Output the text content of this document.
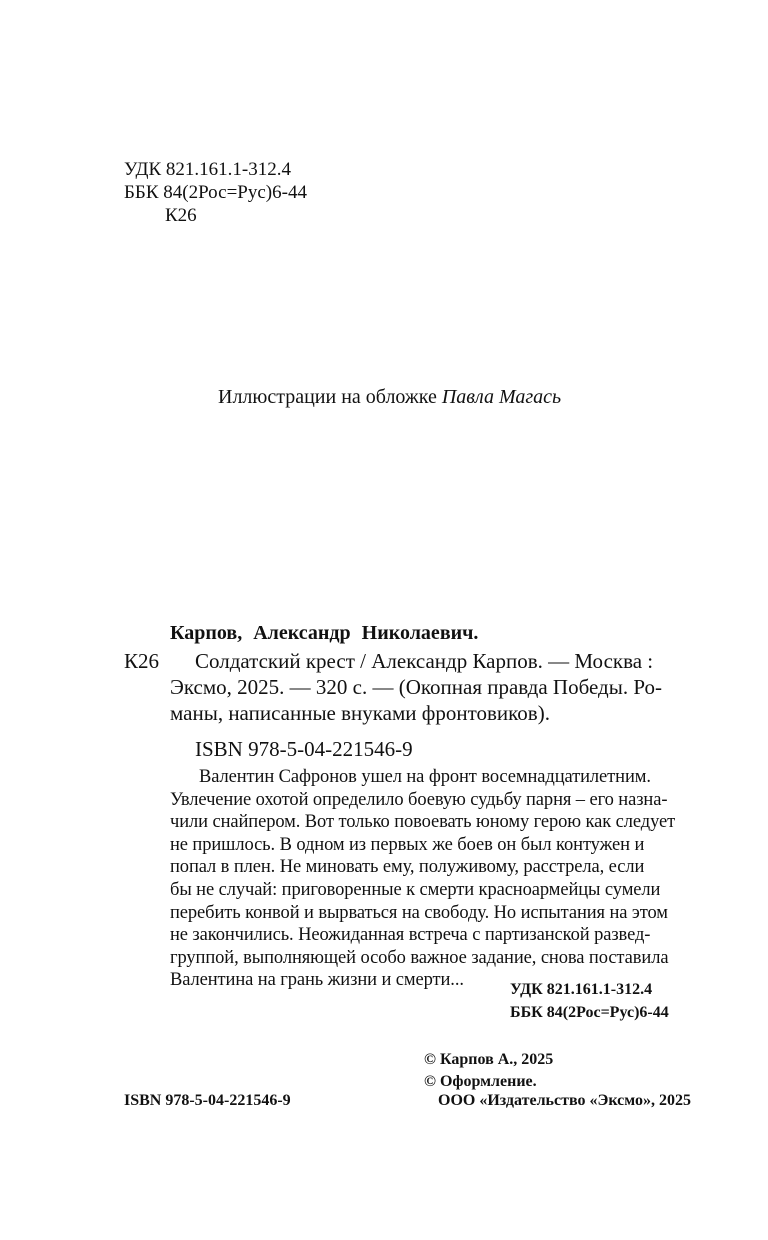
УДК 821.161.1-312.4
ББК 84(2Рос=Рус)6-44
К26
Иллюстрации на обложке Павла Магась
Карпов, Александр Николаевич.
К26 Солдатский крест / Александр Карпов. — Москва :
Эксмо, 2025. — 320 с. — (Окопная правда Победы. Ро-
маны, написанные внуками фронтовиков).
ISBN 978-5-04-221546-9
Валентин Сафронов ушел на фронт восемнадцатилетним.
Увлечение охотой определило боевую судьбу парня – его назна-
чили снайпером. Вот только повоевать юному герою как следует
не пришлось. В одном из первых же боев он был контужен и
попал в плен. Не миновать ему, полуживому, расстрела, если
бы не случай: приговоренные к смерти красноармейцы сумели
перебить конвой и вырваться на свободу. Но испытания на этом
не закончились. Неожиданная встреча с партизанской развед-
группой, выполняющей особо важное задание, снова поставила
Валентина на грань жизни и смерти...	УДК 821.161.1-312.4
ББК 84(2Рос=Рус)6-44
© Карпов А., 2025
© Оформление.
ISBN 978-5-04-221546-9	ООО «Издательство «Эксмо», 2025
